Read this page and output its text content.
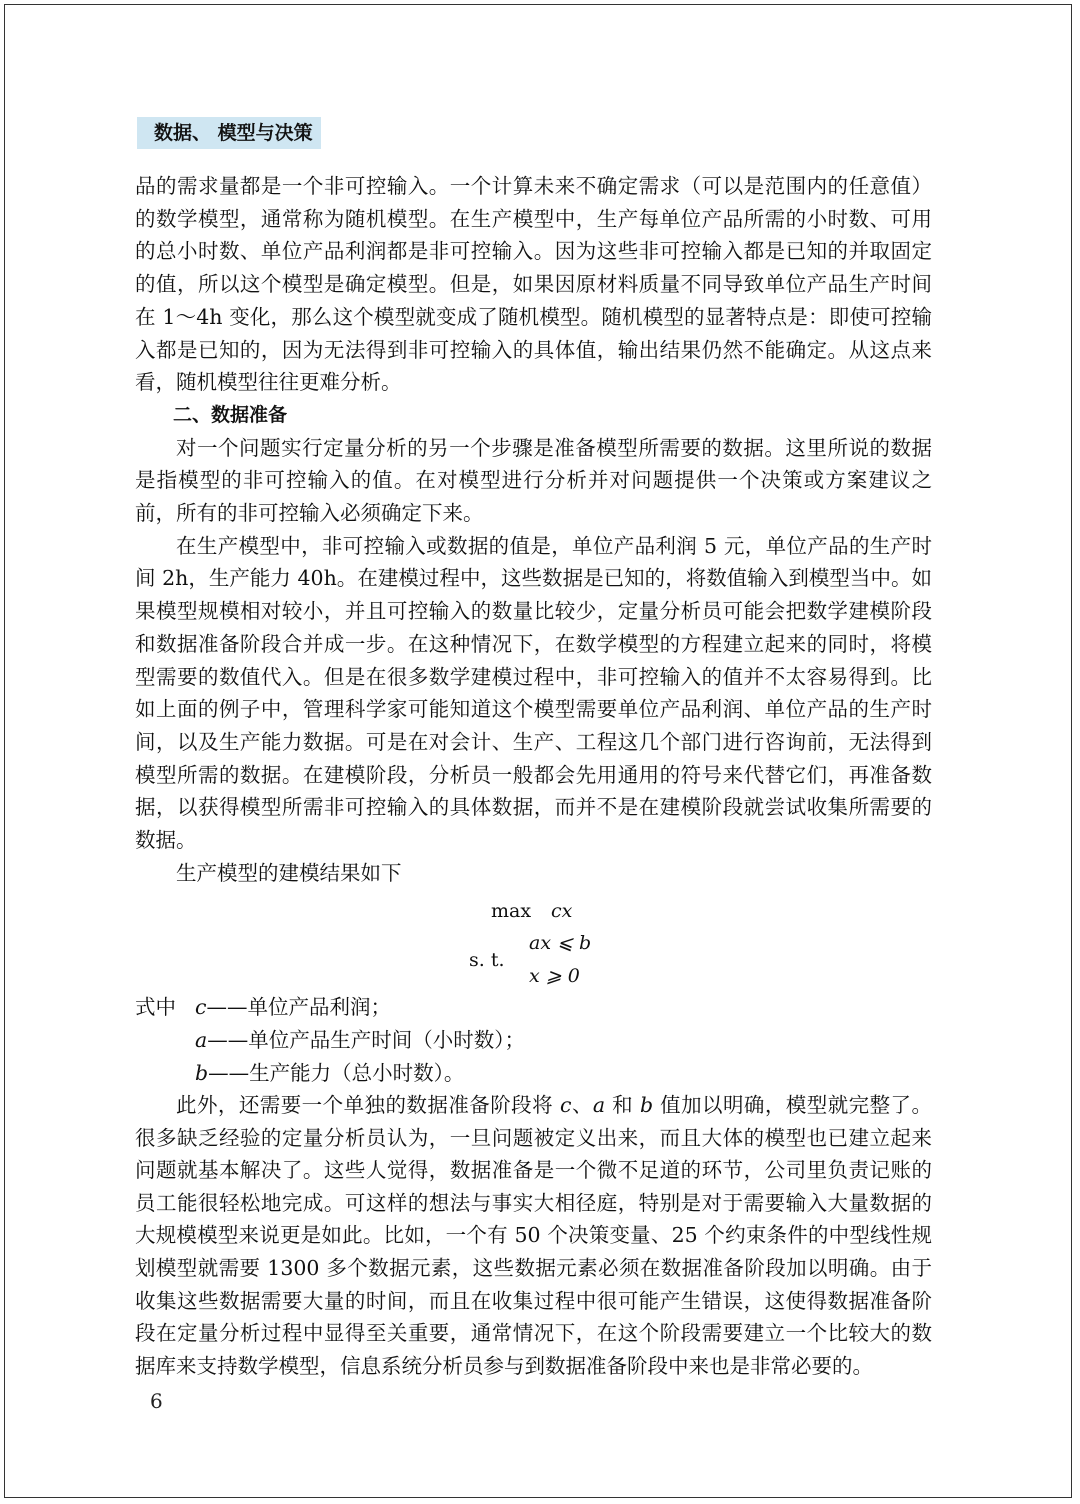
数据、 模型与决策

品的需求量都是一个非可控输入。一个计算未来不确定需求（可以是范围内的任意值）的数学模型，通常称为随机模型。在生产模型中，生产每单位产品所需的小时数、可用的总小时数、单位产品利润都是非可控输入。因为这些非可控输入都是已知的并取固定的值，所以这个模型是确定模型。但是，如果因原材料质量不同导致单位产品生产时间在 1～4h 变化，那么这个模型就变成了随机模型。随机模型的显著特点是：即使可控输入都是已知的，因为无法得到非可控输入的具体值，输出结果仍然不能确定。从这点来看，随机模型往往更难分析。

二、数据准备

对一个问题实行定量分析的另一个步骤是准备模型所需要的数据。这里所说的数据是指模型的非可控输入的值。在对模型进行分析并对问题提供一个决策或方案建议之前，所有的非可控输入必须确定下来。

在生产模型中，非可控输入或数据的值是，单位产品利润 5 元，单位产品的生产时间 2h，生产能力 40h。在建模过程中，这些数据是已知的，将数值输入到模型当中。如果模型规模相对较小，并且可控输入的数量比较少，定量分析员可能会把数学建模阶段和数据准备阶段合并成一步。在这种情况下，在数学模型的方程建立起来的同时，将模型需要的数值代入。但是在很多数学建模过程中，非可控输入的值并不太容易得到。比如上面的例子中，管理科学家可能知道这个模型需要单位产品利润、单位产品的生产时间，以及生产能力数据。可是在对会计、生产、工程这几个部门进行咨询前，无法得到模型所需的数据。在建模阶段，分析员一般都会先用通用的符号来代替它们，再准备数据，以获得模型所需非可控输入的具体数据，而并不是在建模阶段就尝试收集所需要的数据。

生产模型的建模结果如下

max cx
s. t.
ax ⩽ b
x ⩾ 0
式中 c——单位产品利润；
a——单位产品生产时间（小时数）；
b——生产能力（总小时数）。

此外，还需要一个单独的数据准备阶段将 c、a 和 b 值加以明确，模型就完整了。很多缺乏经验的定量分析员认为，一旦问题被定义出来，而且大体的模型也已建立起来问题就基本解决了。这些人觉得，数据准备是一个微不足道的环节，公司里负责记账的员工能很轻松地完成。可这样的想法与事实大相径庭，特别是对于需要输入大量数据的大规模模型来说更是如此。比如，一个有 50 个决策变量、25 个约束条件的中型线性规划模型就需要 1300 多个数据元素，这些数据元素必须在数据准备阶段加以明确。由于收集这些数据需要大量的时间，而且在收集过程中很可能产生错误，这使得数据准备阶段在定量分析过程中显得至关重要，通常情况下，在这个阶段需要建立一个比较大的数据库来支持数学模型，信息系统分析员参与到数据准备阶段中来也是非常必要的。

6
